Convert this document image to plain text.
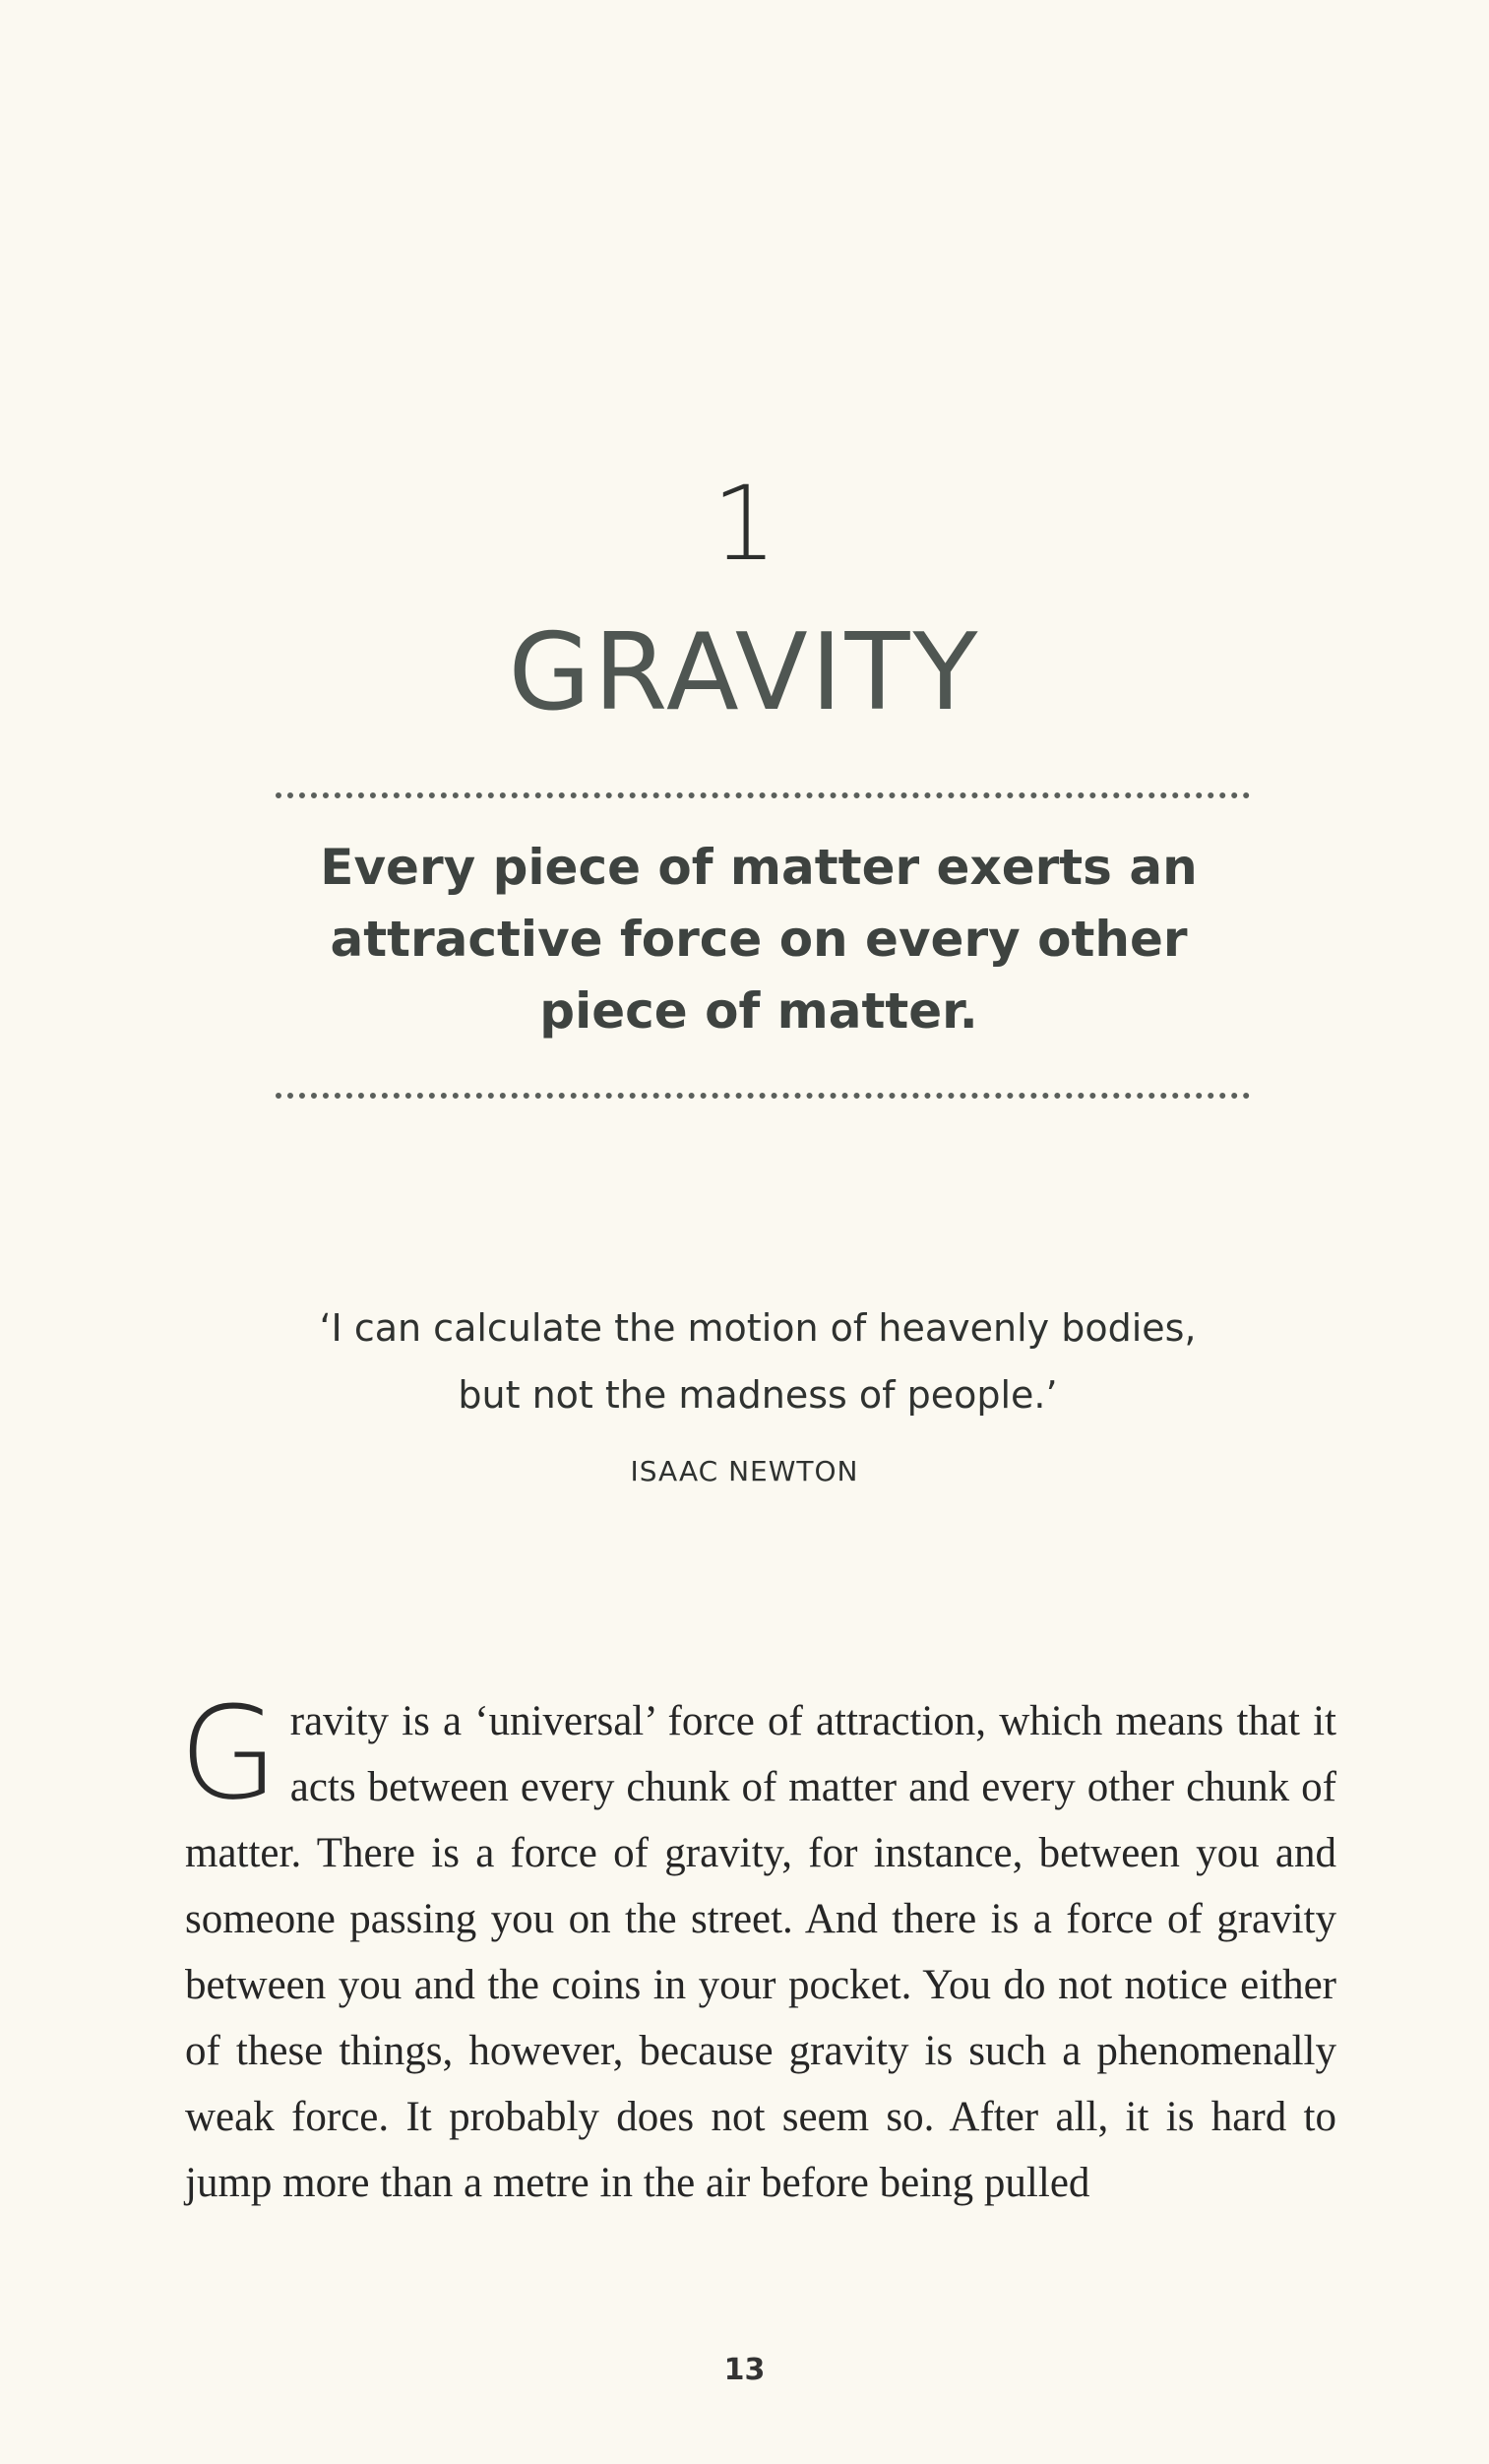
1
GRAVITY
Every piece of matter exerts an attractive force on every other piece of matter.
‘I can calculate the motion of heavenly bodies, but not the madness of people.’
ISAAC NEWTON
Gravity is a ‘universal’ force of attraction, which means that it acts between every chunk of matter and every other chunk of matter. There is a force of gravity, for instance, between you and someone passing you on the street. And there is a force of gravity between you and the coins in your pocket. You do not notice either of these things, however, because gravity is such a phenomenally weak force. It probably does not seem so. After all, it is hard to jump more than a metre in the air before being pulled
13
